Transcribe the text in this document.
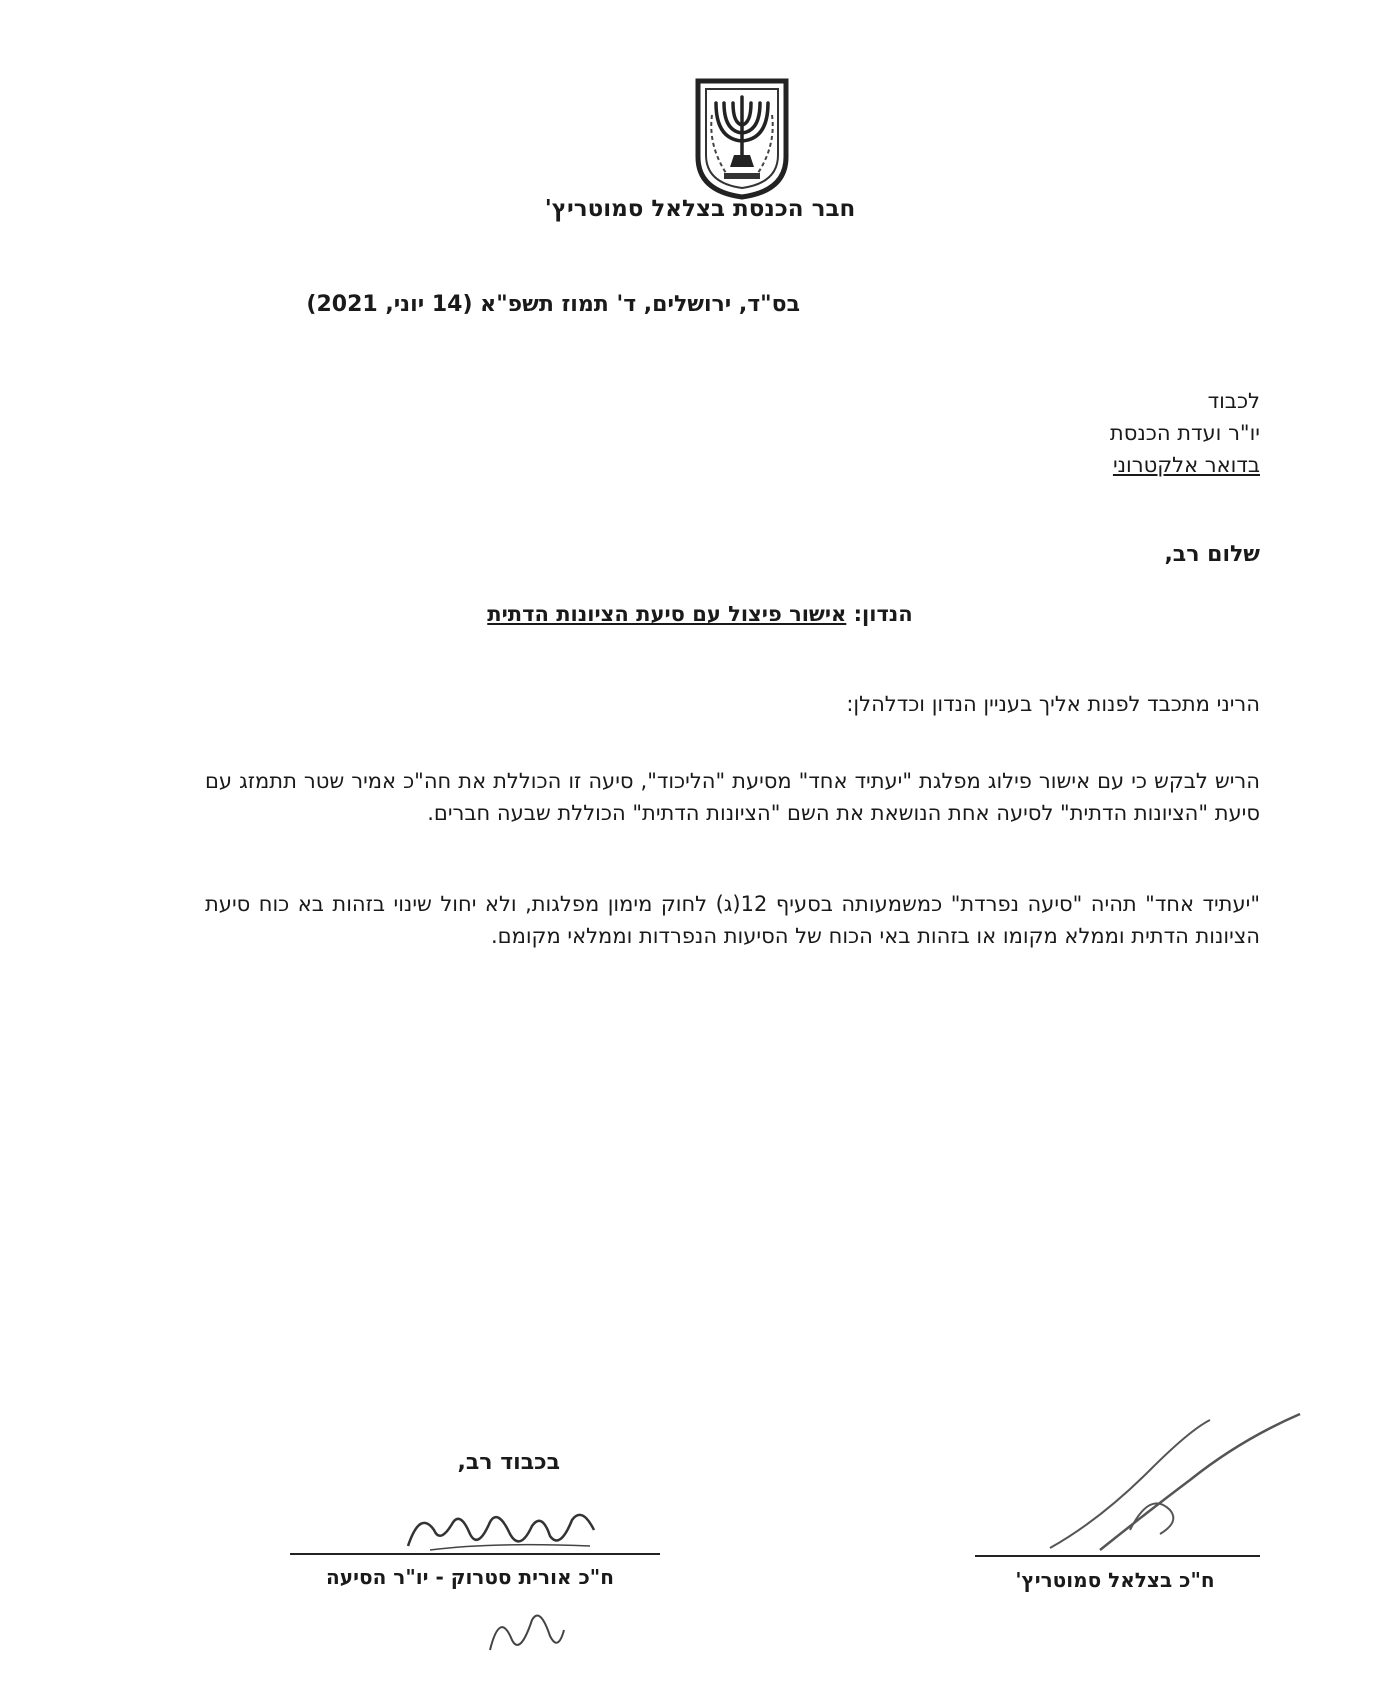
חבר הכנסת בצלאל סמוטריץ'
בס"ד, ירושלים, ד' תמוז תשפ"א (14 יוני, 2021)
לכבוד
יו"ר ועדת הכנסת
בדואר אלקטרוני
שלום רב,
הנדון: אישור פיצול עם סיעת הציונות הדתית
הריני מתכבד לפנות אליך בעניין הנדון וכדלהלן:
הריש לבקש כי עם אישור פילוג מפלגת "יעתיד אחד" מסיעת "הליכוד", סיעה זו הכוללת את חה"כ אמיר שטר תתמזג עם סיעת "הציונות הדתית" לסיעה אחת הנושאת את השם "הציונות הדתית" הכוללת שבעה חברים.
"יעתיד אחד" תהיה "סיעה נפרדת" כמשמעותה בסעיף 12(ג) לחוק מימון מפלגות, ולא יחול שינוי בזהות בא כוח סיעת הציונות הדתית וממלא מקומו או בזהות באי הכוח של הסיעות הנפרדות וממלאי מקומם.
בכבוד רב,
ח"כ אורית סטרוק - יו"ר הסיעה	ח"כ בצלאל סמוטריץ'
